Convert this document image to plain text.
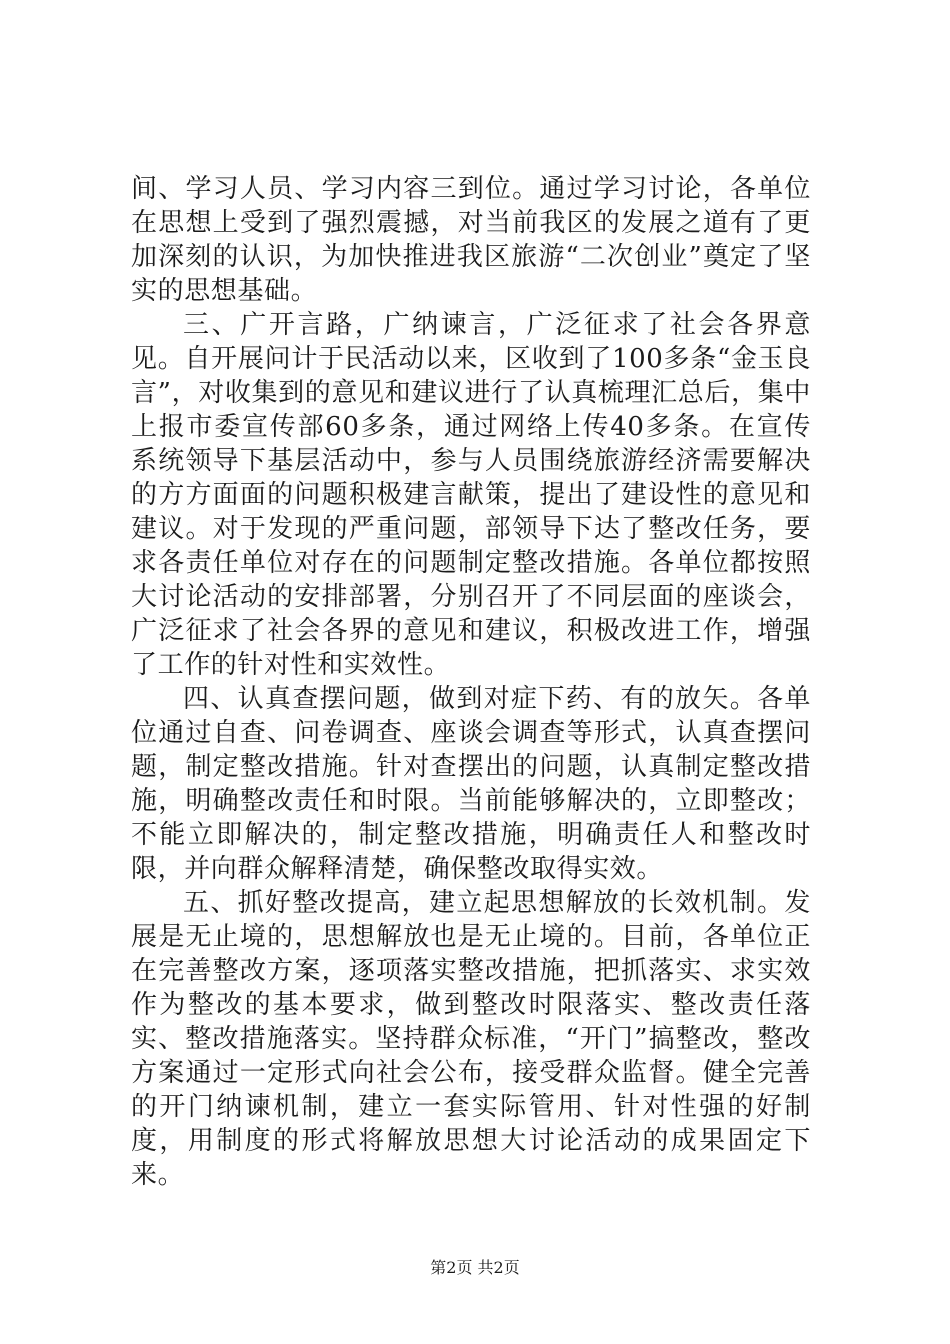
间、学习人员、学习内容三到位。通过学习讨论，各单位在思想上受到了强烈震撼，对当前我区的发展之道有了更加深刻的认识，为加快推进我区旅游“二次创业”奠定了坚实的思想基础。

三、广开言路，广纳谏言，广泛征求了社会各界意见。自开展问计于民活动以来，区收到了100多条“金玉良言”，对收集到的意见和建议进行了认真梳理汇总后，集中上报市委宣传部60多条，通过网络上传40多条。在宣传系统领导下基层活动中，参与人员围绕旅游经济需要解决的方方面面的问题积极建言献策，提出了建设性的意见和建议。对于发现的严重问题，部领导下达了整改任务，要求各责任单位对存在的问题制定整改措施。各单位都按照大讨论活动的安排部署，分别召开了不同层面的座谈会，广泛征求了社会各界的意见和建议，积极改进工作，增强了工作的针对性和实效性。

四、认真查摆问题，做到对症下药、有的放矢。各单位通过自查、问卷调查、座谈会调查等形式，认真查摆问题，制定整改措施。针对查摆出的问题，认真制定整改措施，明确整改责任和时限。当前能够解决的，立即整改；不能立即解决的，制定整改措施，明确责任人和整改时限，并向群众解释清楚，确保整改取得实效。

五、抓好整改提高，建立起思想解放的长效机制。发展是无止境的，思想解放也是无止境的。目前，各单位正在完善整改方案，逐项落实整改措施，把抓落实、求实效作为整改的基本要求，做到整改时限落实、整改责任落实、整改措施落实。坚持群众标准，“开门”搞整改，整改方案通过一定形式向社会公布，接受群众监督。健全完善的开门纳谏机制，建立一套实际管用、针对性强的好制度，用制度的形式将解放思想大讨论活动的成果固定下来。

第2页 共2页
